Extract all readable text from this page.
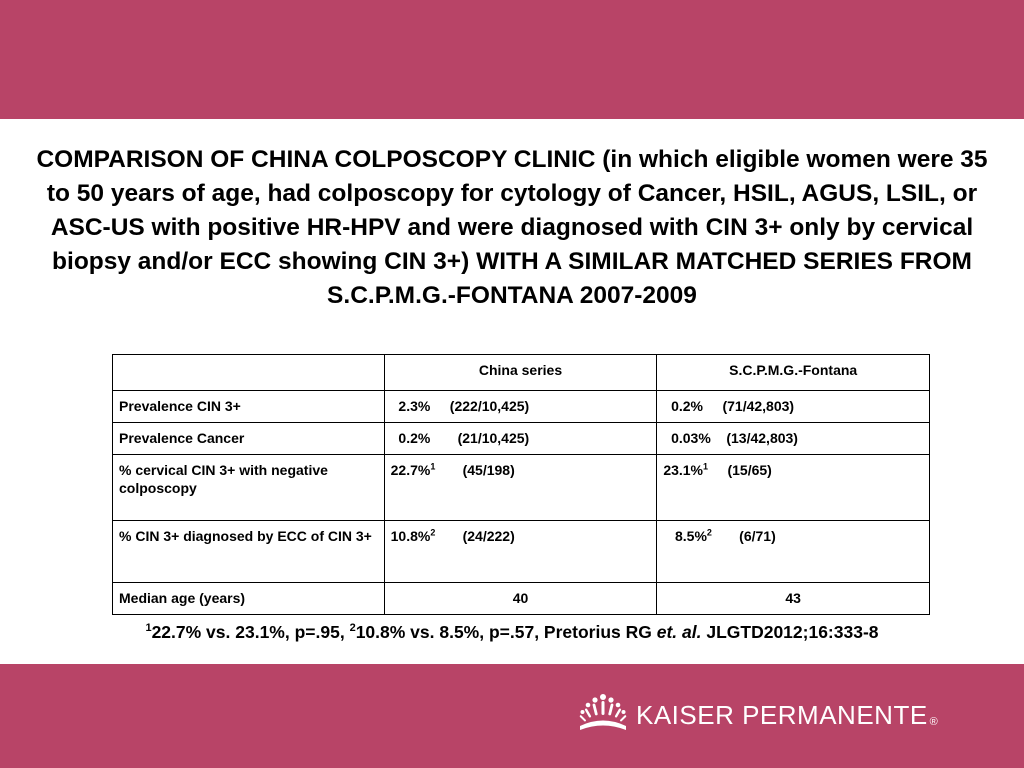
COMPARISON OF CHINA COLPOSCOPY CLINIC (in which eligible women were 35 to 50 years of age, had colposcopy for cytology of Cancer, HSIL, AGUS, LSIL, or ASC-US with positive HR-HPV and were diagnosed with CIN 3+ only by cervical biopsy and/or ECC showing CIN 3+) WITH A SIMILAR MATCHED SERIES FROM S.C.P.M.G.-FONTANA 2007-2009
	China series	S.C.P.M.G.-Fontana
Prevalence CIN 3+	2.3% (222/10,425)	0.2% (71/42,803)
Prevalence Cancer	0.2% (21/10,425)	0.03% (13/42,803)
% cervical CIN 3+ with negative colposcopy	22.7%$^1$ (45/198)	23.1%$^1$ (15/65)
% CIN 3+ diagnosed by ECC of CIN 3+	10.8%$^2$ (24/222)	8.5%$^2$ (6/71)
Median age (years)	40	43
$^1$22.7% vs. 23.1%, p=.95, $^2$10.8% vs. 8.5%, p=.57, Pretorius RG et. al. JLGTD2012;16:333-8
KAISER PERMANENTE ®
